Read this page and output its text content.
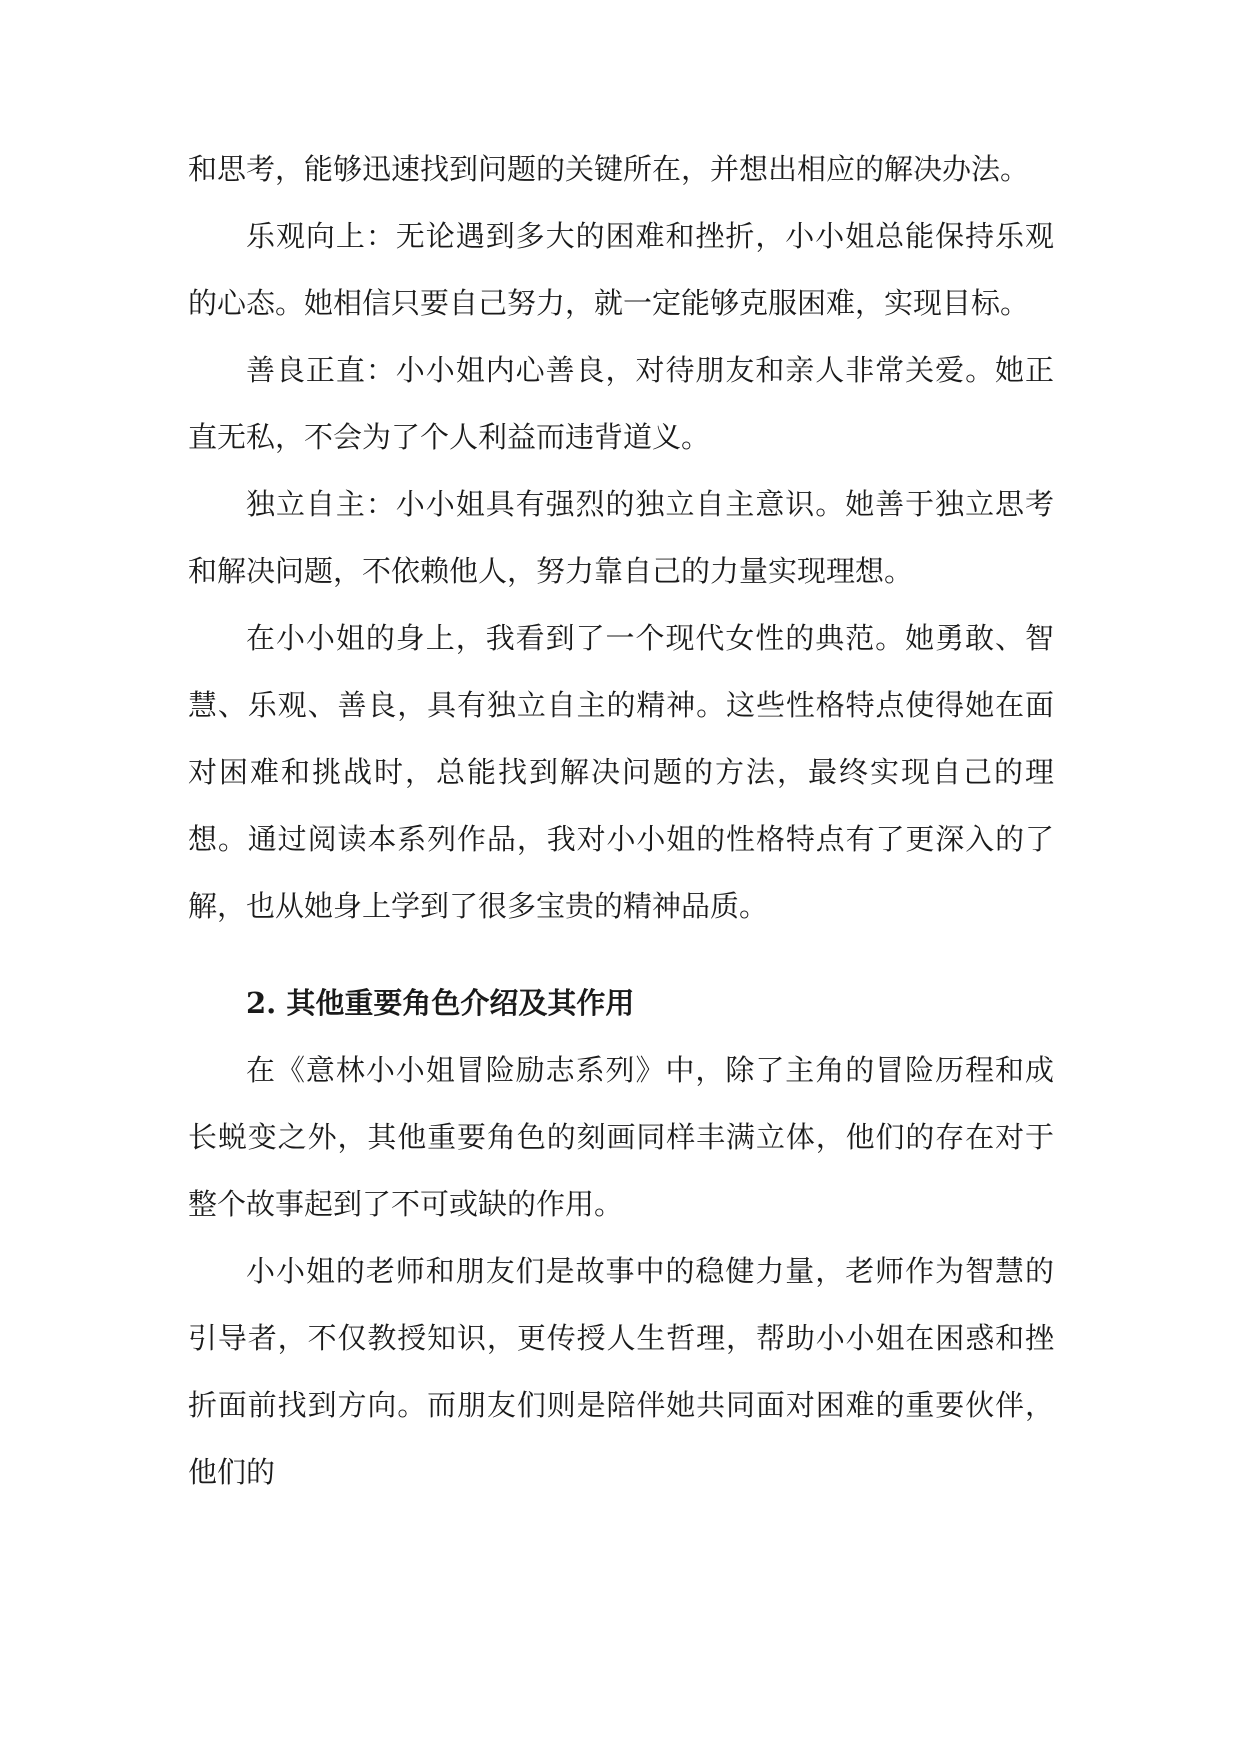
和思考，能够迅速找到问题的关键所在，并想出相应的解决办法。

乐观向上：无论遇到多大的困难和挫折，小小姐总能保持乐观的心态。她相信只要自己努力，就一定能够克服困难，实现目标。

善良正直：小小姐内心善良，对待朋友和亲人非常关爱。她正直无私，不会为了个人利益而违背道义。

独立自主：小小姐具有强烈的独立自主意识。她善于独立思考和解决问题，不依赖他人，努力靠自己的力量实现理想。

在小小姐的身上，我看到了一个现代女性的典范。她勇敢、智慧、乐观、善良，具有独立自主的精神。这些性格特点使得她在面对困难和挑战时，总能找到解决问题的方法，最终实现自己的理想。通过阅读本系列作品，我对小小姐的性格特点有了更深入的了解，也从她身上学到了很多宝贵的精神品质。

2. 其他重要角色介绍及其作用

在《意林小小姐冒险励志系列》中，除了主角的冒险历程和成长蜕变之外，其他重要角色的刻画同样丰满立体，他们的存在对于整个故事起到了不可或缺的作用。

小小姐的老师和朋友们是故事中的稳健力量，老师作为智慧的引导者，不仅教授知识，更传授人生哲理，帮助小小姐在困惑和挫折面前找到方向。而朋友们则是陪伴她共同面对困难的重要伙伴，他们的
